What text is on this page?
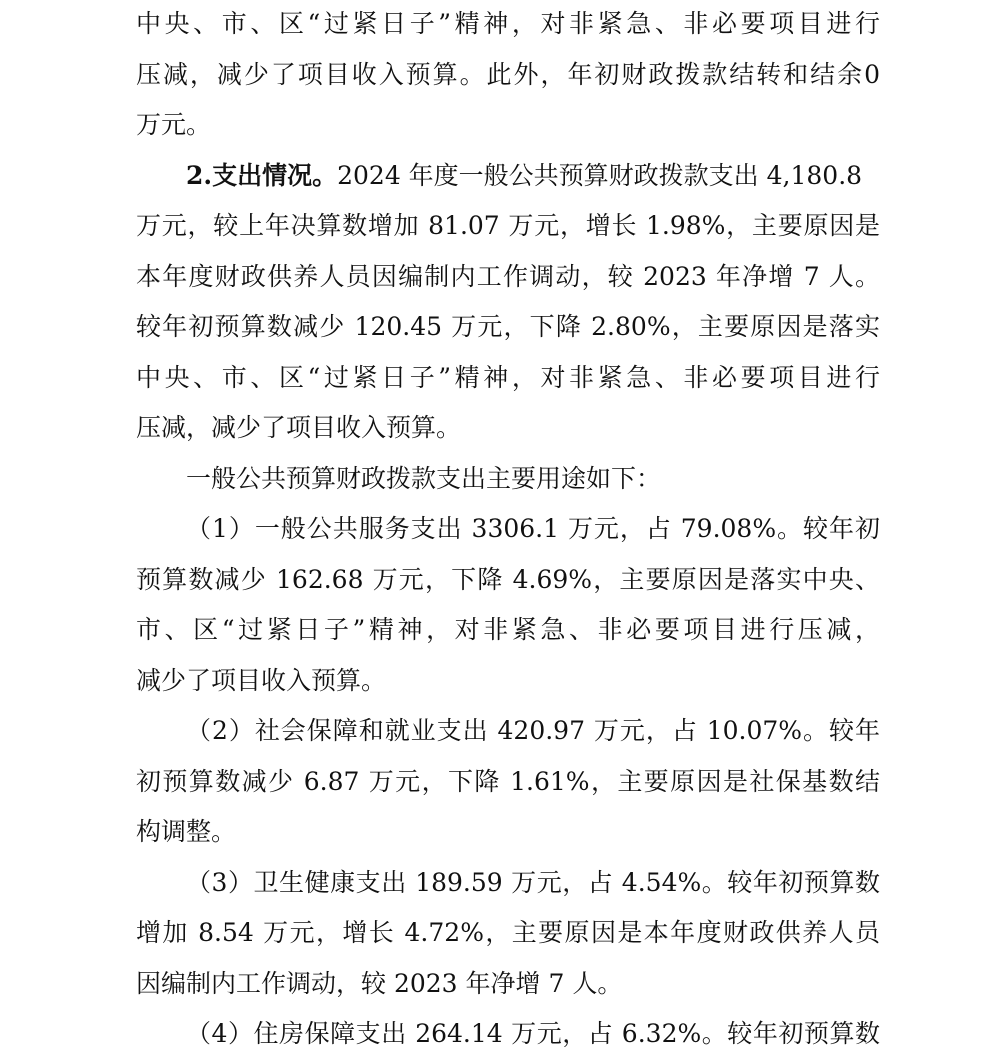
中央、市、区“过紧日子”精神，对非紧急、非必要项目进行
压减，减少了项目收入预算。此外，年初财政拨款结转和结余0
万元。
2.支出情况。2024 年度一般公共预算财政拨款支出 4,180.8
万元，较上年决算数增加 81.07 万元，增长 1.98%，主要原因是
本年度财政供养人员因编制内工作调动，较 2023 年净增 7 人。
较年初预算数减少 120.45 万元，下降 2.80%，主要原因是落实
中央、市、区“过紧日子”精神，对非紧急、非必要项目进行
压减，减少了项目收入预算。
一般公共预算财政拨款支出主要用途如下：
（1）一般公共服务支出 3306.1 万元，占 79.08%。较年初
预算数减少 162.68 万元，下降 4.69%，主要原因是落实中央、
市、区“过紧日子”精神，对非紧急、非必要项目进行压减，
减少了项目收入预算。
（2）社会保障和就业支出 420.97 万元，占 10.07%。较年
初预算数减少 6.87 万元，下降 1.61%，主要原因是社保基数结
构调整。
（3）卫生健康支出 189.59 万元，占 4.54%。较年初预算数
增加 8.54 万元，增长 4.72%，主要原因是本年度财政供养人员
因编制内工作调动，较 2023 年净增 7 人。
（4）住房保障支出 264.14 万元，占 6.32%。较年初预算数
